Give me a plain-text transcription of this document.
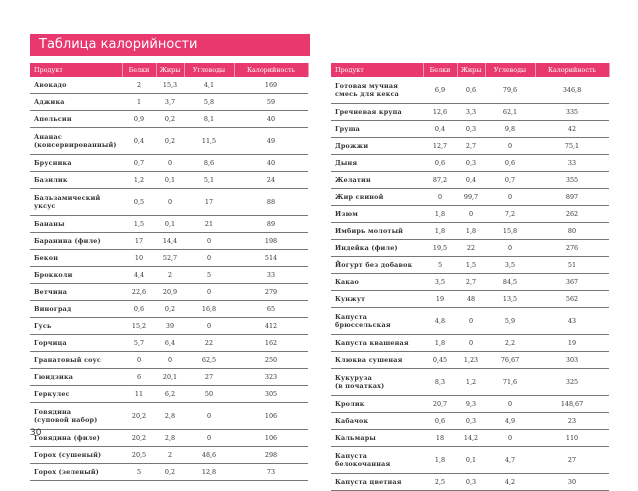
Таблица калорийности
Продукт	Белки	Жиры	Углеводы	Калорийность
Авокадо	2	15,3	4,1	169
Аджика	1	3,7	5,8	59
Апельсин	0,9	0,2	8,1	40
Ананас
(консервированный)	0,4	0,2	11,5	49
Брусника	0,7	0	8,6	40
Базилик	1,2	0,1	5,1	24
Бальзамический
уксус	0,5	0	17	88
Бананы	1,5	0,1	21	89
Баранина (филе)	17	14,4	0	198
Бекон	10	52,7	0	514
Брокколи	4,4	2	5	33
Ветчина	22,6	20,9	0	279
Виноград	0,6	0,2	16,8	65
Гусь	15,2	39	0	412
Горчица	5,7	6,4	22	162
Гранатовый соус	0	0	62,5	250
Гюидзика	6	20,1	27	323
Геркулес	11	6,2	50	305
Говядина
(суповой набор)	20,2	2,8	0	106
Говядина (филе)	20,2	2,8	0	106
Горох (сушеный)	20,5	2	48,6	298
Горох (зеленый)	5	0,2	12,8	73
Продукт	Белки	Жиры	Углеводы	Калорийность
Готовая мучная
смесь для кекса	6,9	0,6	79,6	346,8
Гречневая крупа	12,6	3,3	62,1	335
Груша	0,4	0,3	9,8	42
Дрожжи	12,7	2,7	0	75,1
Дыня	0,6	0,3	0,6	33
Желатин	87,2	0,4	0,7	355
Жир свиной	0	99,7	0	897
Изюм	1,8	0	7,2	262
Имбирь молотый	1,8	1,8	15,8	80
Индейка (филе)	19,5	22	0	276
Йогурт без добавок	5	1,5	3,5	51
Какао	3,5	2,7	84,5	367
Кунжут	19	48	13,5	562
Капуста
брюссельская	4,8	0	5,9	43
Капуста квашеная	1,8	0	2,2	19
Клюква сушеная	0,45	1,23	76,67	303
Кукуруза
(в початках)	8,3	1,2	71,6	325
Кролик	20,7	9,3	0	148,67
Кабачок	0,6	0,3	4,9	23
Кальмары	18	14,2	0	110
Капуста
белокочанная	1,8	0,1	4,7	27
Капуста цветная	2,5	0,3	4,2	30
30
